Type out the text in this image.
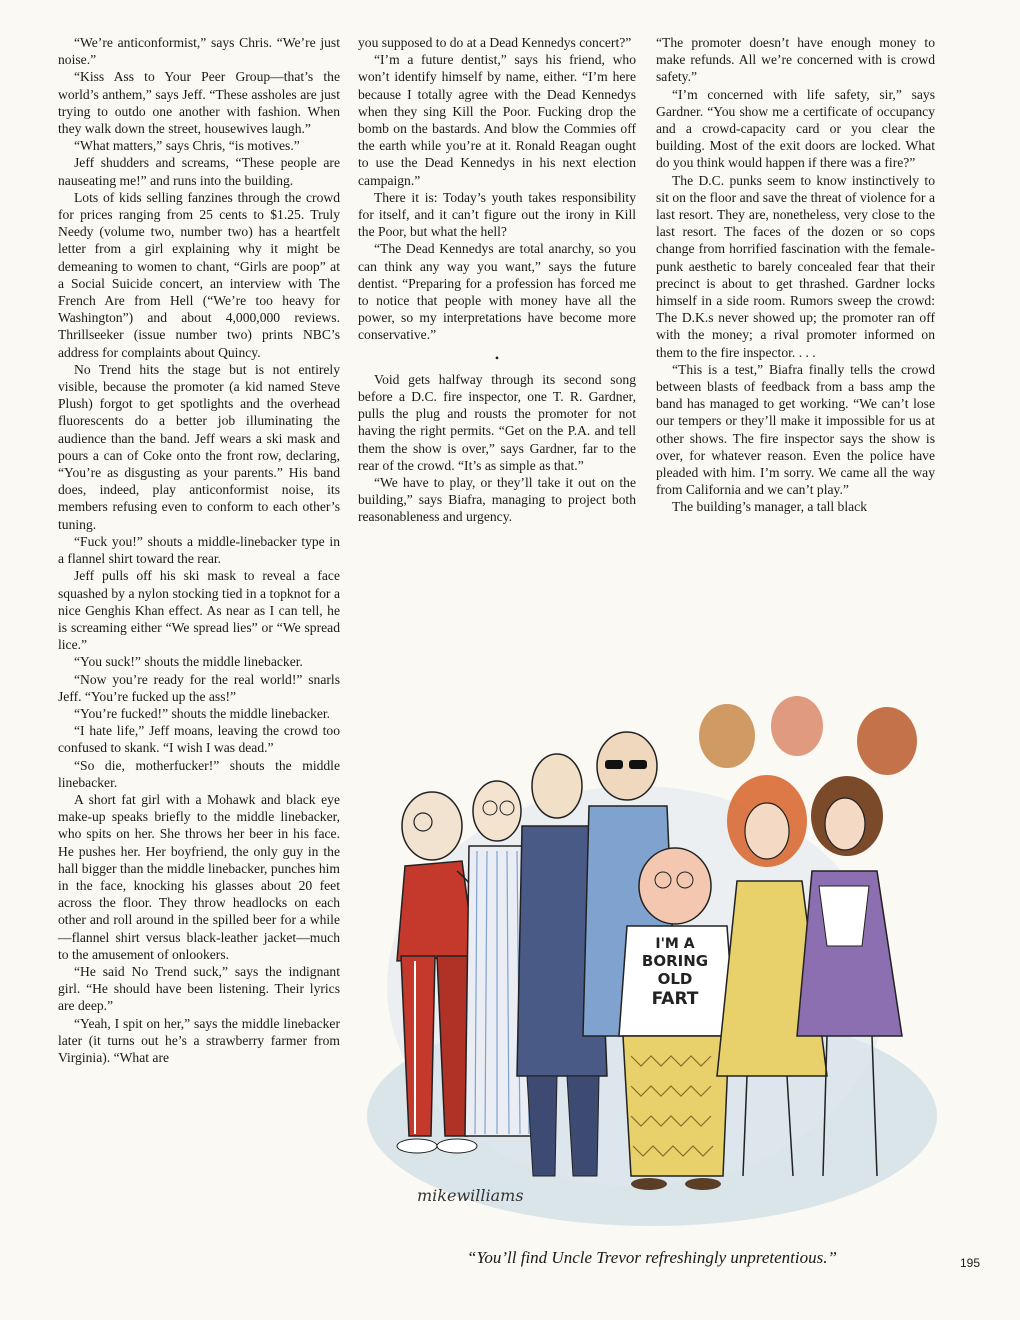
“We’re anticonformist,” says Chris. “We’re just noise.”

“Kiss Ass to Your Peer Group—that’s the world’s anthem,” says Jeff. “These assholes are just trying to outdo one another with fashion. When they walk down the street, housewives laugh.”

“What matters,” says Chris, “is motives.”

Jeff shudders and screams, “These people are nauseating me!” and runs into the building.

Lots of kids selling fanzines through the crowd for prices ranging from 25 cents to $1.25. Truly Needy (volume two, number two) has a heartfelt letter from a girl explaining why it might be demeaning to women to chant, “Girls are poop” at a Social Suicide concert, an interview with The French Are from Hell (“We’re too heavy for Washington”) and about 4,000,000 reviews. Thrillseeker (issue number two) prints NBC’s address for complaints about Quincy.

No Trend hits the stage but is not entirely visible, because the promoter (a kid named Steve Plush) forgot to get spotlights and the overhead fluorescents do a better job illuminating the audience than the band. Jeff wears a ski mask and pours a can of Coke onto the front row, declaring, “You’re as disgusting as your parents.” His band does, indeed, play anticonformist noise, its members refusing even to conform to each other’s tuning.

“Fuck you!” shouts a middle-linebacker type in a flannel shirt toward the rear.

Jeff pulls off his ski mask to reveal a face squashed by a nylon stocking tied in a topknot for a nice Genghis Khan effect. As near as I can tell, he is screaming either “We spread lies” or “We spread lice.”

“You suck!” shouts the middle linebacker.

“Now you’re ready for the real world!” snarls Jeff. “You’re fucked up the ass!”

“You’re fucked!” shouts the middle linebacker.

“I hate life,” Jeff moans, leaving the crowd too confused to skank. “I wish I was dead.”

“So die, motherfucker!” shouts the middle linebacker.

A short fat girl with a Mohawk and black eye make-up speaks briefly to the middle linebacker, who spits on her. She throws her beer in his face. He pushes her. Her boyfriend, the only guy in the hall bigger than the middle linebacker, punches him in the face, knocking his glasses about 20 feet across the floor. They throw headlocks on each other and roll around in the spilled beer for a while—flannel shirt versus black-leather jacket—much to the amusement of onlookers.

“He said No Trend suck,” says the indignant girl. “He should have been listening. Their lyrics are deep.”

“Yeah, I spit on her,” says the middle linebacker later (it turns out he’s a strawberry farmer from Virginia). “What are

you supposed to do at a Dead Kennedys concert?”

“I’m a future dentist,” says his friend, who won’t identify himself by name, either. “I’m here because I totally agree with the Dead Kennedys when they sing Kill the Poor. Fucking drop the bomb on the bastards. And blow the Commies off the earth while you’re at it. Ronald Reagan ought to use the Dead Kennedys in his next election campaign.”

There it is: Today’s youth takes responsibility for itself, and it can’t figure out the irony in Kill the Poor, but what the hell?

“The Dead Kennedys are total anarchy, so you can think any way you want,” says the future dentist. “Preparing for a profession has forced me to notice that people with money have all the power, so my interpretations have become more conservative.”

•

Void gets halfway through its second song before a D.C. fire inspector, one T. R. Gardner, pulls the plug and rousts the promoter for not having the right permits. “Get on the P.A. and tell them the show is over,” says Gardner, far to the rear of the crowd. “It’s as simple as that.”

“We have to play, or they’ll take it out on the building,” says Biafra, managing to project both reasonableness and urgency.

“The promoter doesn’t have enough money to make refunds. All we’re concerned with is crowd safety.”

“I’m concerned with life safety, sir,” says Gardner. “You show me a certificate of occupancy and a crowd-capacity card or you clear the building. Most of the exit doors are locked. What do you think would happen if there was a fire?”

The D.C. punks seem to know instinctively to sit on the floor and save the threat of violence for a last resort. They are, nonetheless, very close to the last resort. The faces of the dozen or so cops change from horrified fascination with the female-punk aesthetic to barely concealed fear that their precinct is about to get thrashed. Gardner locks himself in a side room. Rumors sweep the crowd: The D.K.s never showed up; the promoter ran off with the money; a rival promoter informed on them to the fire inspector. . . .

“This is a test,” Biafra finally tells the crowd between blasts of feedback from a bass amp the band has managed to get working. “We can’t lose our tempers or they’ll make it impossible for us at other shows. The fire inspector says the show is over, for whatever reason. Even the police have pleaded with him. I’m sorry. We came all the way from California and we can’t play.”

The building’s manager, a tall black

I'M A
BORING
OLD
FART
mikewilliams
“You’ll find Uncle Trevor refreshingly unpretentious.”	195
